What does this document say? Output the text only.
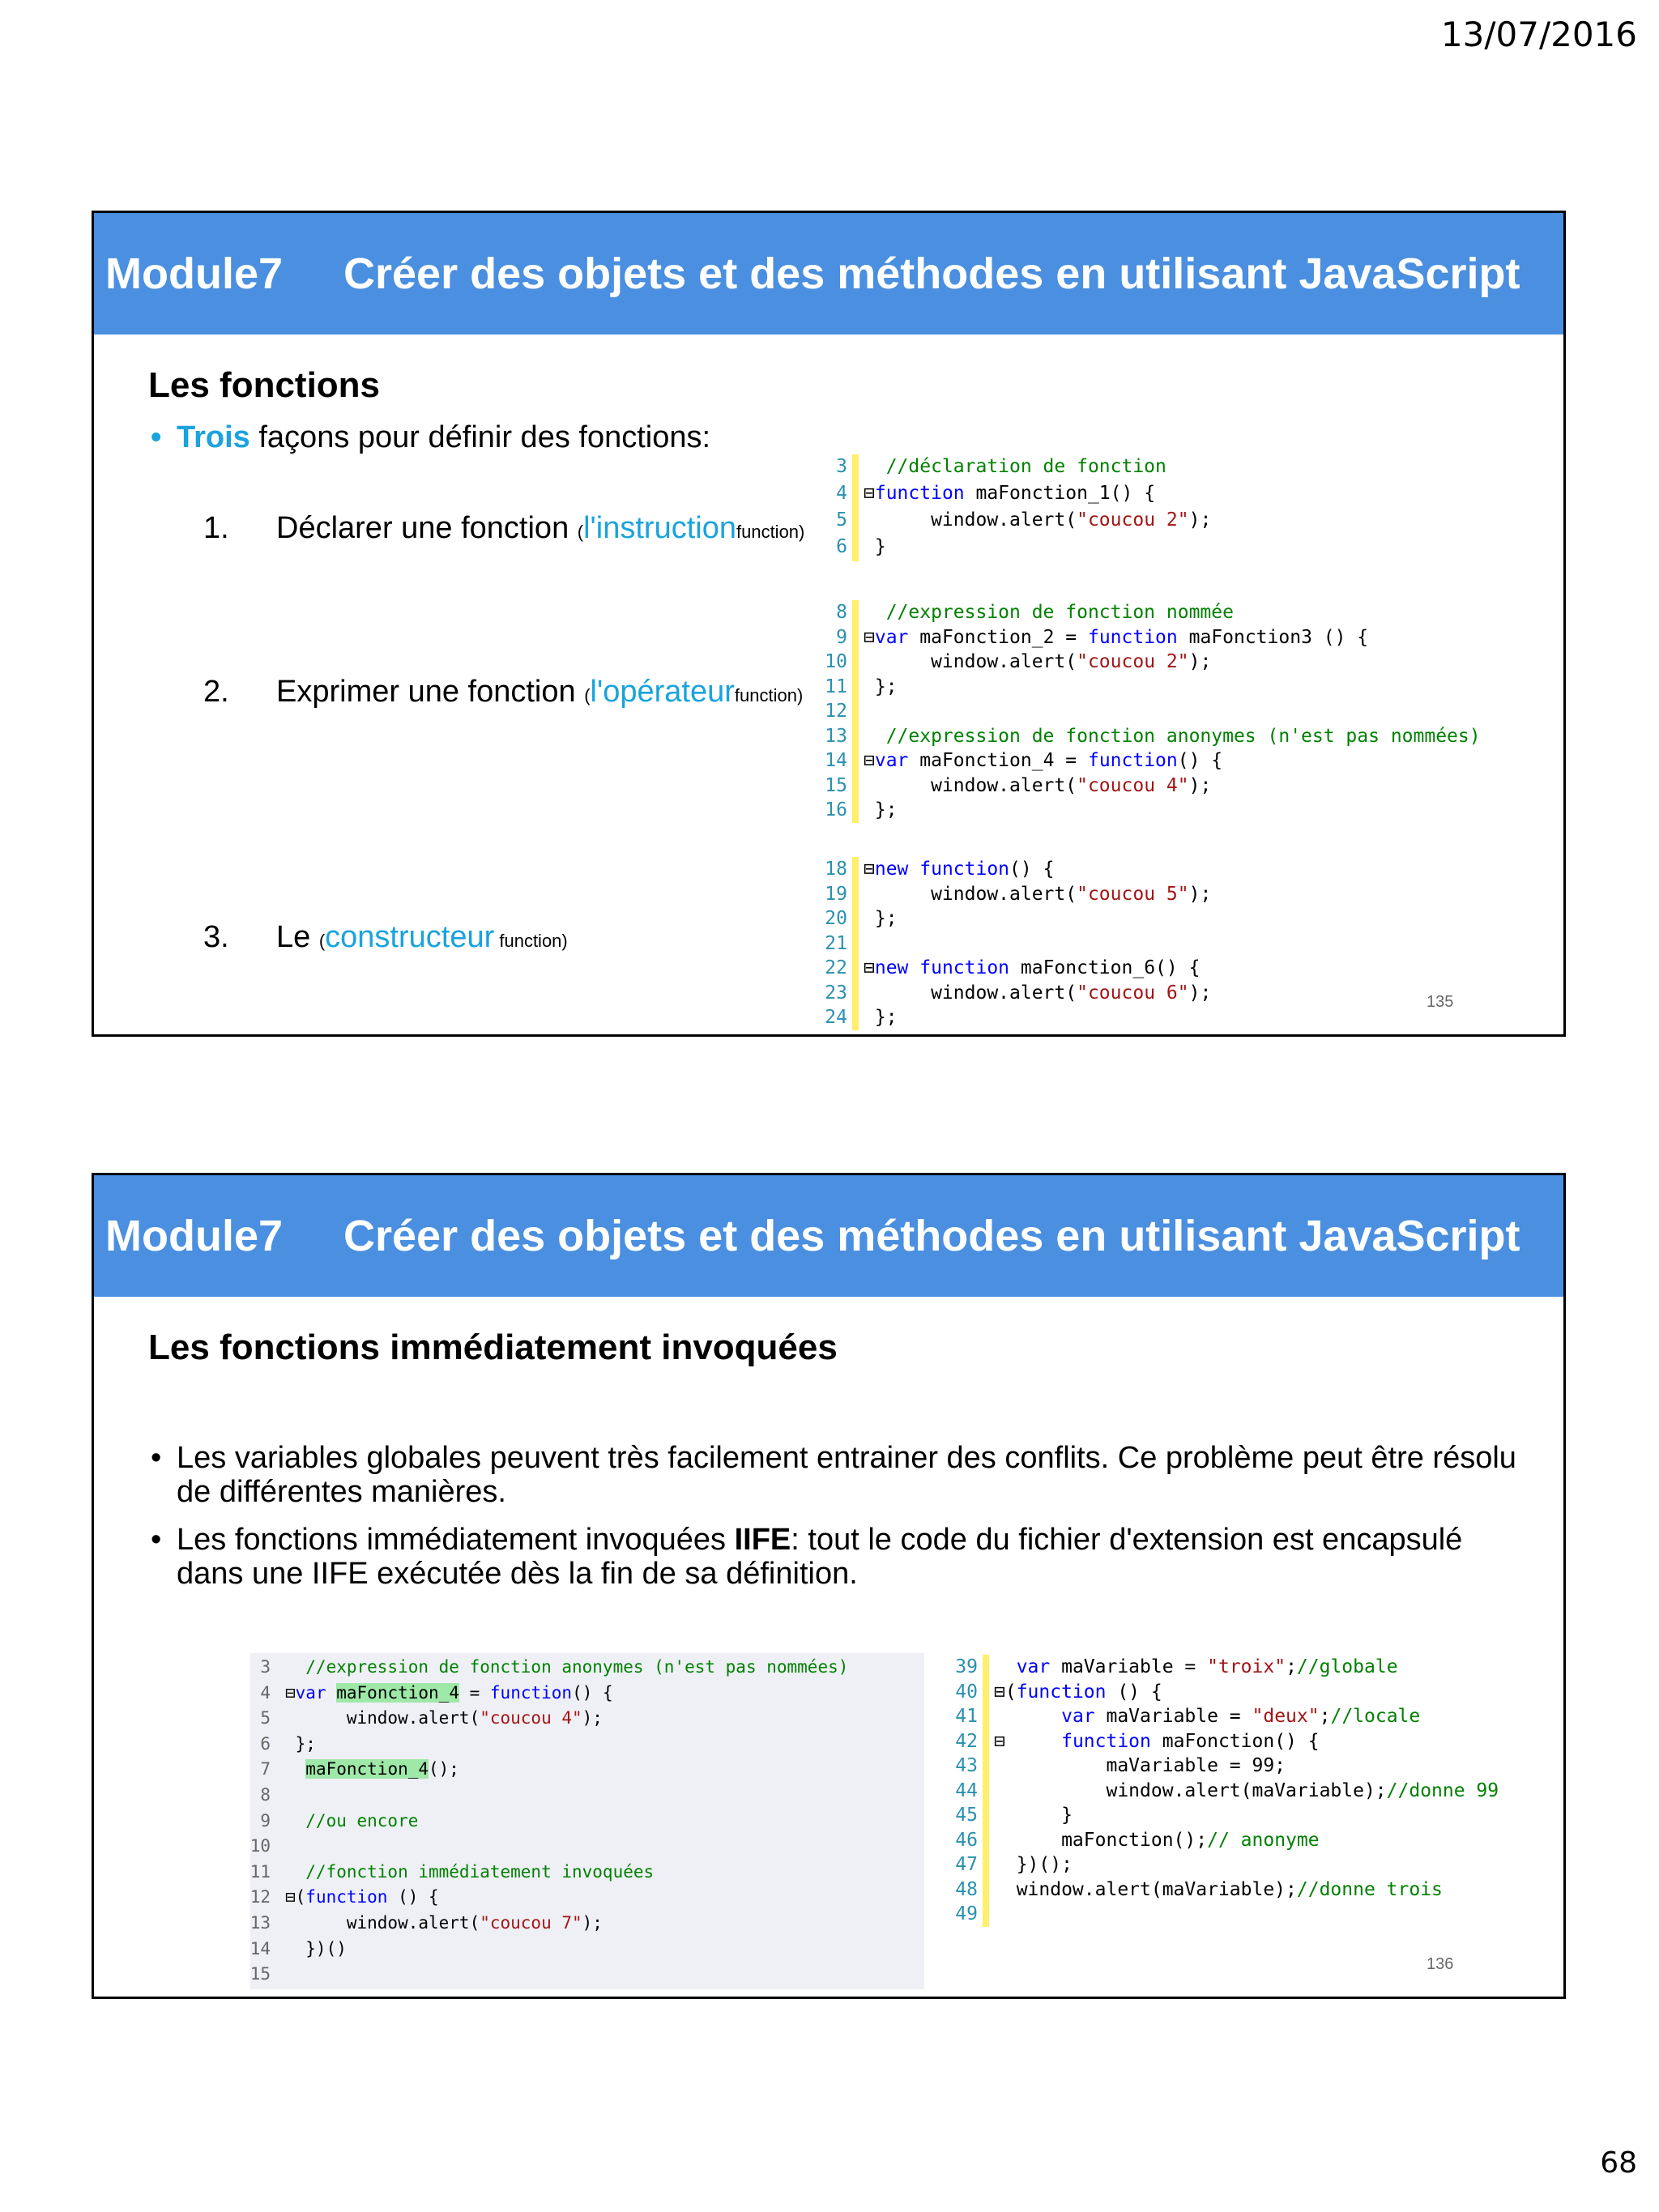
13/07/2016
Module7 Créer des objets et des méthodes en utilisant JavaScript
Les fonctions
• Trois façons pour définir des fonctions:
1. Déclarer une fonction (l'instructionfunction)
2. Exprimer une fonction (l'opérateurfunction)
3. Le (constructeur function)
3 //déclaration de fonction
4 ⊟function maFonction_1() {
5 window.alert("coucou 2");
6 }
8 //expression de fonction nommée
9 ⊟var maFonction_2 = function maFonction3 () {
10 window.alert("coucou 2");
11 };
12
13 //expression de fonction anonymes (n'est pas nommées)
14 ⊟var maFonction_4 = function() {
15 window.alert("coucou 4");
16 };
18 ⊟new function() {
19 window.alert("coucou 5");
20 };
21
22 ⊟new function maFonction_6() {
23 window.alert("coucou 6");
24 };
135
Module7 Créer des objets et des méthodes en utilisant JavaScript
Les fonctions immédiatement invoquées
• Les variables globales peuvent très facilement entrainer des conflits. Ce problème peut être résolu de différentes manières.
• Les fonctions immédiatement invoquées IIFE: tout le code du fichier d'extension est encapsulé dans une IIFE exécutée dès la fin de sa définition.
3 //expression de fonction anonymes (n'est pas nommées)
4 ⊟var maFonction_4 = function() {
5 window.alert("coucou 4");
6 };
7	maFonction_4();
8
9 //ou encore
10
11 //fonction immédiatement invoquées
12 ⊟(function () {
13 window.alert("coucou 7");
14 })()
15
39	var maVariable = "troix";//globale
40 ⊟(function () {
41	var maVariable = "deux";//locale
42 ⊟     function maFonction() {
43 maVariable = 99;
44 window.alert(maVariable);//donne 99
45 }
46 maFonction();// anonyme
47 })();
48 window.alert(maVariable);//donne trois
49
136
68
